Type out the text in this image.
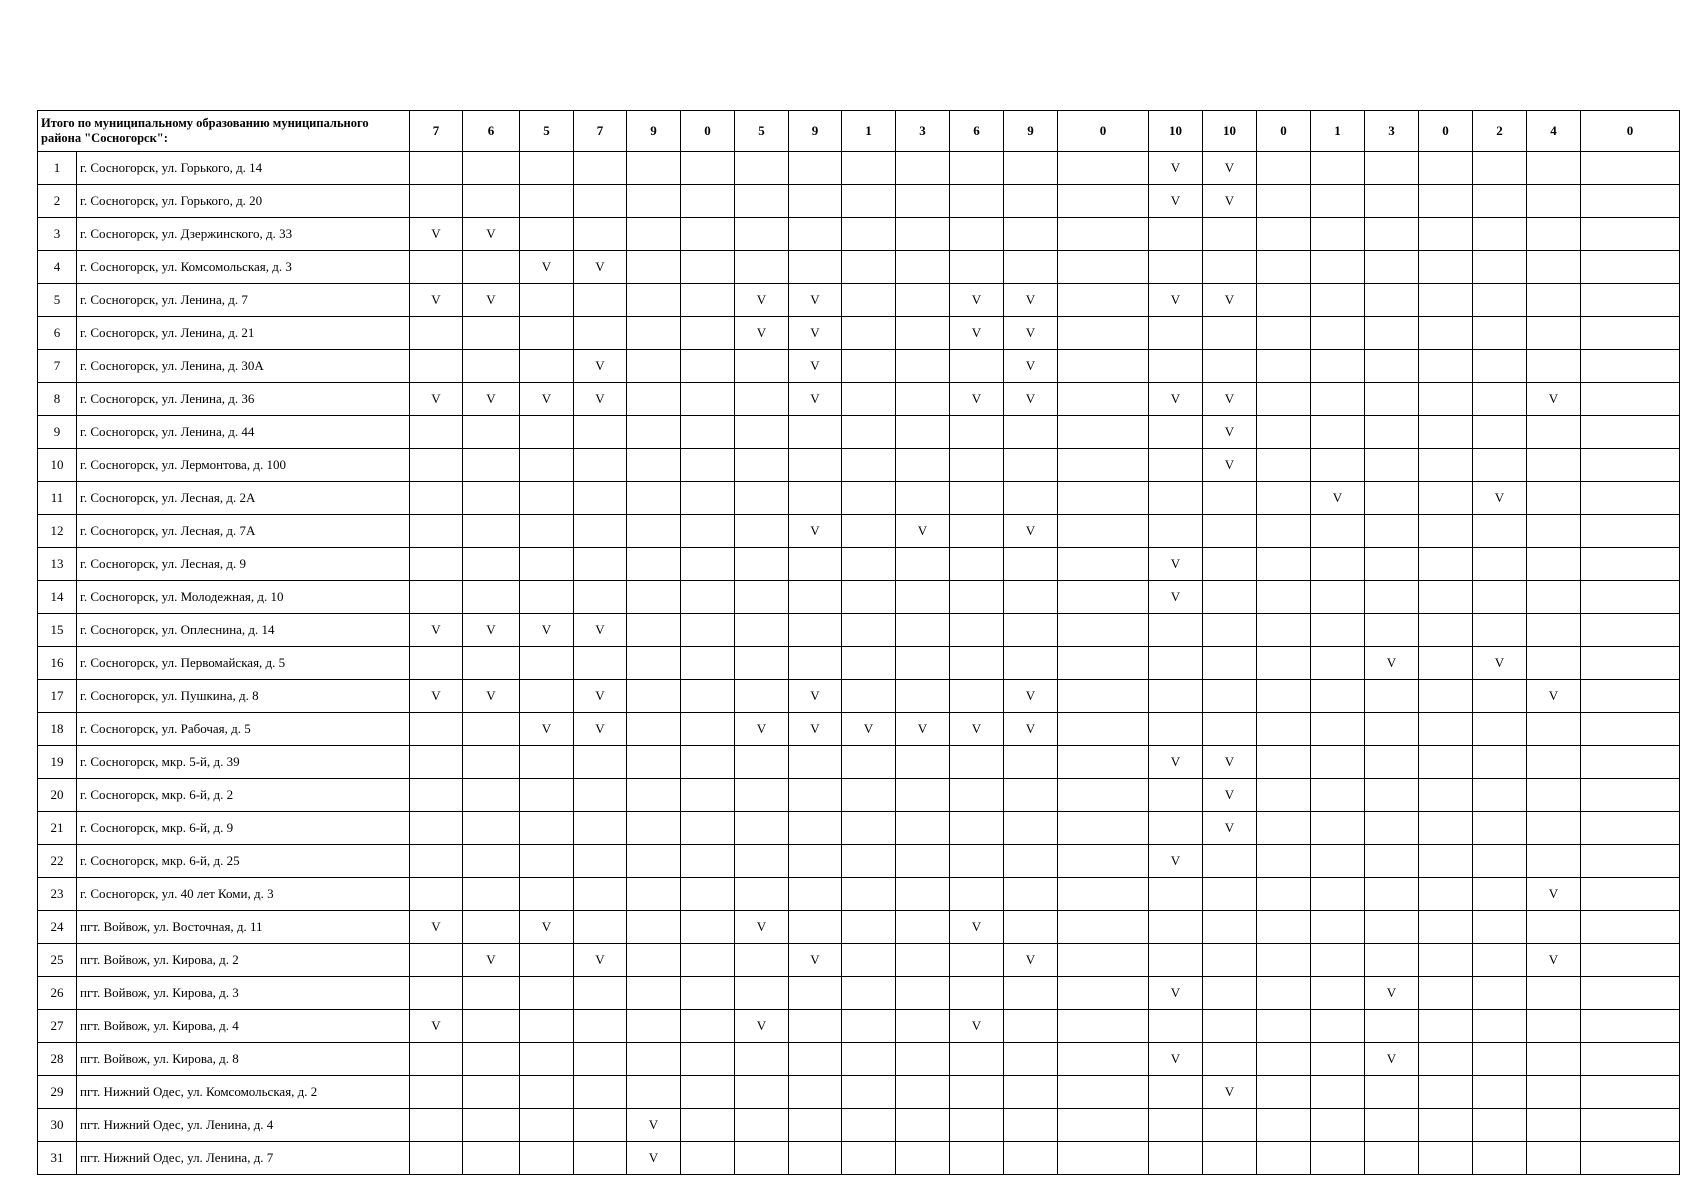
Итого по муниципальному образованию муниципального района "Сосногорск":		7	6	5	7	9	0	5	9	1	3	6	9	0	10	10	0	1	3	0	2	4	0
1	г. Сосногорск, ул. Горького, д. 14														V	V							
2	г. Сосногорск, ул. Горького, д. 20														V	V							
3	г. Сосногорск, ул. Дзержинского, д. 33	V	V																				
4	г. Сосногорск, ул. Комсомольская, д. 3			V	V																		
5	г. Сосногорск, ул. Ленина, д. 7	V	V					V	V			V	V		V	V							
6	г. Сосногорск, ул. Ленина, д. 21							V	V			V	V										
7	г. Сосногорск, ул. Ленина, д. 30А				V				V				V										
8	г. Сосногорск, ул. Ленина, д. 36	V	V	V	V				V			V	V		V	V						V	
9	г. Сосногорск, ул. Ленина, д. 44															V							
10	г. Сосногорск, ул. Лермонтова, д. 100															V							
11	г. Сосногорск, ул. Лесная, д. 2А																	V			V		
12	г. Сосногорск, ул. Лесная, д. 7А								V		V		V										
13	г. Сосногорск, ул. Лесная, д. 9														V								
14	г. Сосногорск, ул. Молодежная, д. 10														V								
15	г. Сосногорск, ул. Оплеснина, д. 14	V	V	V	V																		
16	г. Сосногорск, ул. Первомайская, д. 5																		V		V		
17	г. Сосногорск, ул. Пушкина, д. 8	V	V		V				V				V									V	
18	г. Сосногорск, ул. Рабочая, д. 5			V	V			V	V	V	V	V	V										
19	г. Сосногорск, мкр. 5-й, д. 39														V	V							
20	г. Сосногорск, мкр. 6-й, д. 2															V							
21	г. Сосногорск, мкр. 6-й, д. 9															V							
22	г. Сосногорск, мкр. 6-й, д. 25														V								
23	г. Сосногорск, ул. 40 лет Коми, д. 3																					V	
24	пгт. Войвож, ул. Восточная, д. 11	V		V				V				V											
25	пгт. Войвож, ул. Кирова, д. 2		V		V				V				V									V	
26	пгт. Войвож, ул. Кирова, д. 3														V				V				
27	пгт. Войвож, ул. Кирова, д. 4	V						V				V											
28	пгт. Войвож, ул. Кирова, д. 8														V				V				
29	пгт. Нижний Одес, ул. Комсомольская, д. 2															V							
30	пгт. Нижний Одес, ул. Ленина, д. 4					V																	
31	пгт. Нижний Одес, ул. Ленина, д. 7					V																	
